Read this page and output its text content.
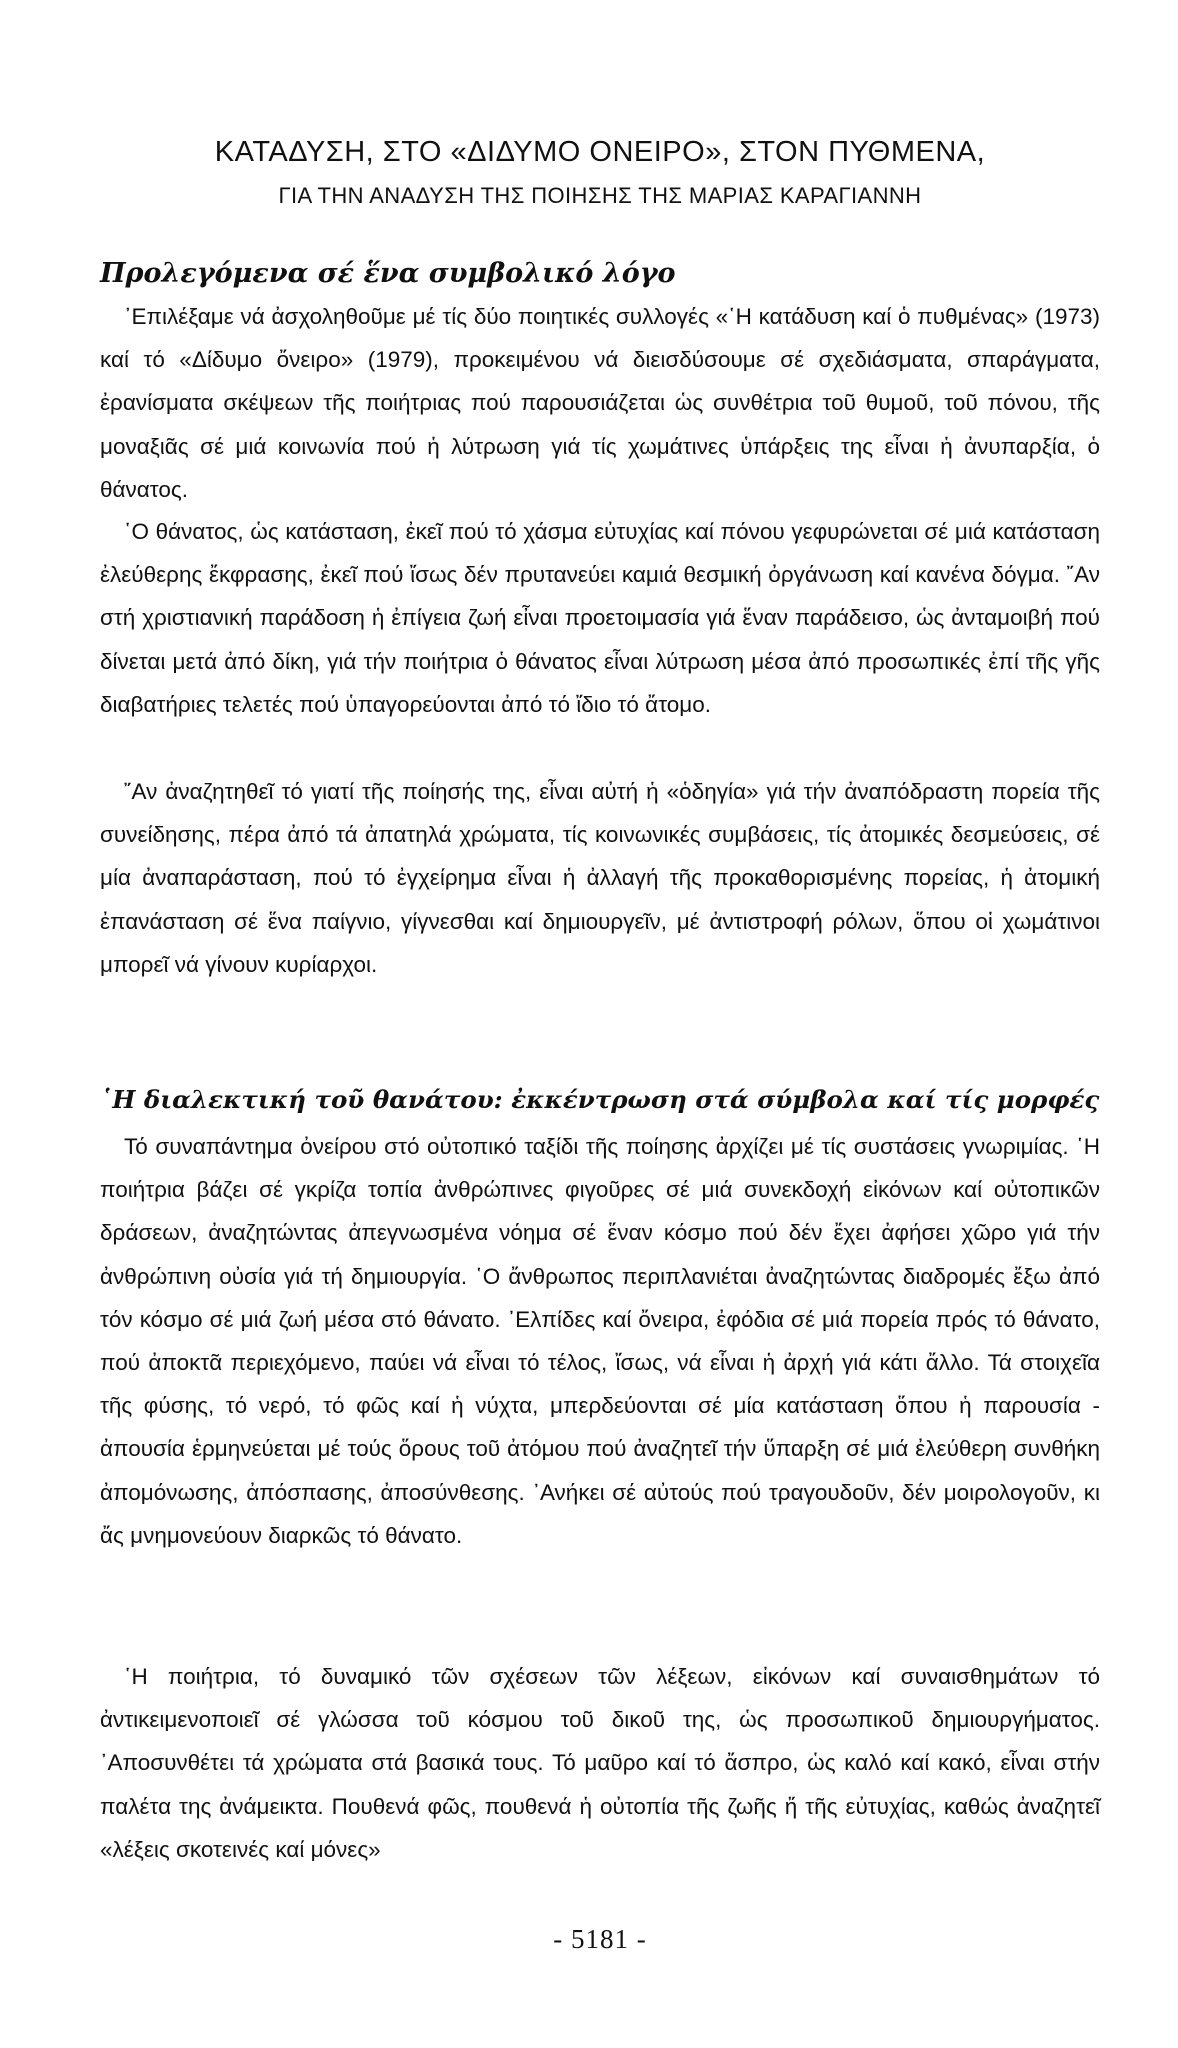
ΚΑΤΑΔΥΣΗ, ΣΤΟ «ΔΙΔΥΜΟ ΟΝΕΙΡΟ», ΣΤΟΝ ΠΥΘΜΕΝΑ,
ΓΙΑ ΤΗΝ ΑΝΑΔΥΣΗ ΤΗΣ ΠΟΙΗΣΗΣ ΤΗΣ ΜΑΡΙΑΣ ΚΑΡΑΓΙΑΝΝΗ
Προλεγόμενα σέ ἕνα συμβολικό λόγο

᾽Επιλέξαμε νά ἀσχοληθοῦμε μέ τίς δύο ποιητικές συλλογές «῾Η κατάδυση καί ὁ πυθμένας» (1973) καί τό «Δίδυμο ὄνειρο» (1979), προκειμένου νά διεισδύσουμε σέ σχεδιάσματα, σπαράγματα, ἐρανίσματα σκέψεων τῆς ποιήτριας πού παρουσιάζεται ὡς συνθέτρια τοῦ θυμοῦ, τοῦ πόνου, τῆς μοναξιᾶς σέ μιά κοινωνία πού ἡ λύτρωση γιά τίς χωμάτινες ὑπάρξεις της εἶναι ἡ ἀνυπαρξία, ὁ θάνατος.

῾Ο θάνατος, ὡς κατάσταση, ἐκεῖ πού τό χάσμα εὐτυχίας καί πόνου γεφυρώνεται σέ μιά κατάσταση ἐλεύθερης ἔκφρασης, ἐκεῖ πού ἴσως δέν πρυτανεύει καμιά θεσμική ὀργάνωση καί κανένα δόγμα. ῎Αν στή χριστιανική παράδοση ἡ ἐπίγεια ζωή εἶναι προετοιμασία γιά ἕναν παράδεισο, ὡς ἀνταμοιβή πού δίνεται μετά ἀπό δίκη, γιά τήν ποιήτρια ὁ θάνατος εἶναι λύτρωση μέσα ἀπό προσωπικές ἐπί τῆς γῆς διαβατήριες τελετές πού ὑπαγορεύονται ἀπό τό ἴδιο τό ἄτομο.

῎Αν ἀναζητηθεῖ τό γιατί τῆς ποίησής της, εἶναι αὐτή ἡ «ὁδηγία» γιά τήν ἀναπόδραστη πορεία τῆς συνείδησης, πέρα ἀπό τά ἀπατηλά χρώματα, τίς κοινωνικές συμβάσεις, τίς ἀτομικές δεσμεύσεις, σέ μία ἀναπαράσταση, πού τό ἐγχείρημα εἶναι ἡ ἀλλαγή τῆς προκαθορισμένης πορείας, ἡ ἀτομική ἐπανάσταση σέ ἕνα παίγνιο, γίγνεσθαι καί δημιουργεῖν, μέ ἀντιστροφή ρόλων, ὅπου οἱ χωμάτινοι μπορεῖ νά γίνουν κυρίαρχοι.

῾Η διαλεκτική τοῦ θανάτου: ἐκκέντρωση στά σύμβολα καί τίς μορφές

Τό συναπάντημα ὀνείρου στό οὐτοπικό ταξίδι τῆς ποίησης ἀρχίζει μέ τίς συστάσεις γνωριμίας. ῾Η ποιήτρια βάζει σέ γκρίζα τοπία ἀνθρώπινες φιγοῦρες σέ μιά συνεκδοχή εἰκόνων καί οὐτοπικῶν δράσεων, ἀναζητώντας ἀπεγνωσμένα νόημα σέ ἕναν κόσμο πού δέν ἔχει ἀφήσει χῶρο γιά τήν ἀνθρώπινη οὐσία γιά τή δημιουργία. ῾Ο ἄνθρωπος περιπλανιέται ἀναζητώντας διαδρομές ἔξω ἀπό τόν κόσμο σέ μιά ζωή μέσα στό θάνατο. ᾽Ελπίδες καί ὄνειρα, ἐφόδια σέ μιά πορεία πρός τό θάνατο, πού ἀποκτᾶ περιεχόμενο, παύει νά εἶναι τό τέλος, ἴσως, νά εἶναι ἡ ἀρχή γιά κάτι ἄλλο. Τά στοιχεῖα τῆς φύσης, τό νερό, τό φῶς καί ἡ νύχτα, μπερδεύονται σέ μία κατάσταση ὅπου ἡ παρουσία - ἀπουσία ἑρμηνεύεται μέ τούς ὅρους τοῦ ἀτόμου πού ἀναζητεῖ τήν ὕπαρξη σέ μιά ἐλεύθερη συνθήκη ἀπομόνωσης, ἀπόσπασης, ἀποσύνθεσης. ᾽Ανήκει σέ αὐτούς πού τραγουδοῦν, δέν μοιρολογοῦν, κι ἄς μνημονεύουν διαρκῶς τό θάνατο.

῾Η ποιήτρια, τό δυναμικό τῶν σχέσεων τῶν λέξεων, εἰκόνων καί συναισθημάτων τό ἀντικειμενοποιεῖ σέ γλώσσα τοῦ κόσμου τοῦ δικοῦ της, ὡς προσωπικοῦ δημιουργήματος. ᾽Αποσυνθέτει τά χρώματα στά βασικά τους. Τό μαῦρο καί τό ἄσπρο, ὡς καλό καί κακό, εἶναι στήν παλέτα της ἀνάμεικτα. Πουθενά φῶς, πουθενά ἡ οὐτοπία τῆς ζωῆς ἤ τῆς εὐτυχίας, καθώς ἀναζητεῖ «λέξεις σκοτεινές καί μόνες»

- 5181 -
